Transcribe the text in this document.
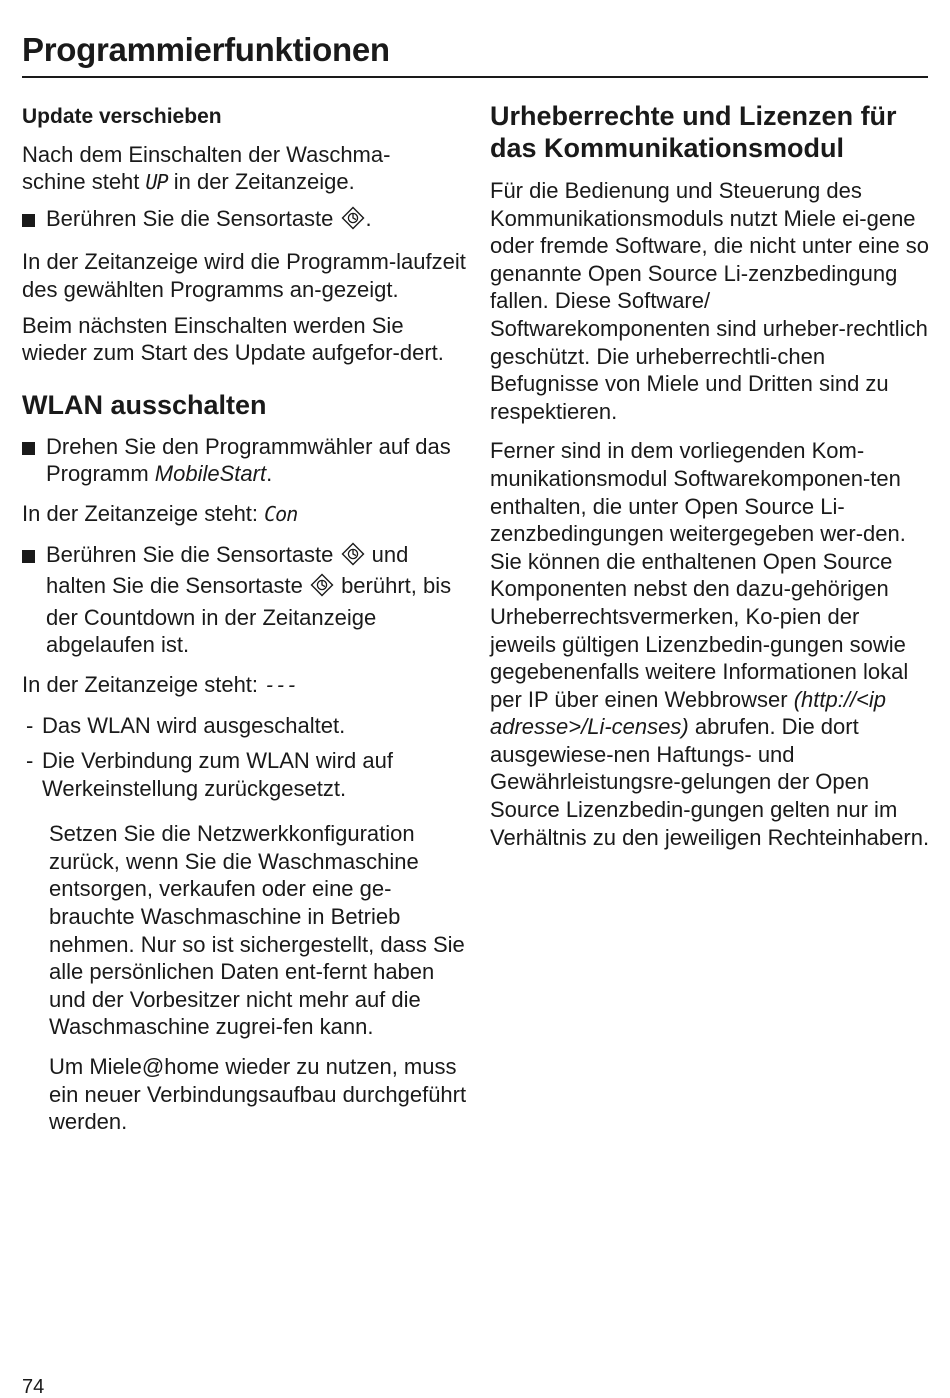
Programmierfunktionen

Update verschieben

Nach dem Einschalten der Waschma-
schine steht UP in der Zeitanzeige.

Berühren Sie die Sensortaste .

In der Zeitanzeige wird die Programm-laufzeit des gewählten Programms an-gezeigt.

Beim nächsten Einschalten werden Sie wieder zum Start des Update aufgefor-dert.

WLAN ausschalten
Drehen Sie den Programmwähler auf das Programm MobileStart.

In der Zeitanzeige steht: Con

Berühren Sie die Sensortaste  und halten Sie die Sensortaste  berührt, bis der Countdown in der Zeitanzeige abgelaufen ist.

In der Zeitanzeige steht: ---

- Das WLAN wird ausgeschaltet.
- Die Verbindung zum WLAN wird auf Werkeinstellung zurückgesetzt.

Setzen Sie die Netzwerkkonfiguration zurück, wenn Sie die Waschmaschine entsorgen, verkaufen oder eine ge-brauchte Waschmaschine in Betrieb nehmen. Nur so ist sichergestellt, dass Sie alle persönlichen Daten ent-fernt haben und der Vorbesitzer nicht mehr auf die Waschmaschine zugrei-fen kann.

Um Miele@home wieder zu nutzen, muss ein neuer Verbindungsaufbau durchgeführt werden.

Urheberrechte und Lizenzen für das Kommunikationsmodul

Für die Bedienung und Steuerung des Kommunikationsmoduls nutzt Miele ei-gene oder fremde Software, die nicht unter eine so genannte Open Source Li-zenzbedingung fallen. Diese Software/ Softwarekomponenten sind urheber-rechtlich geschützt. Die urheberrechtli-chen Befugnisse von Miele und Dritten sind zu respektieren.

Ferner sind in dem vorliegenden Kom-munikationsmodul Softwarekomponen-ten enthalten, die unter Open Source Li-zenzbedingungen weitergegeben wer-den. Sie können die enthaltenen Open Source Komponenten nebst den dazu-gehörigen Urheberrechtsvermerken, Ko-pien der jeweils gültigen Lizenzbedin-gungen sowie gegebenenfalls weitere Informationen lokal per IP über einen Webbrowser (http://<ip adresse>/Li-censes) abrufen. Die dort ausgewiese-nen Haftungs- und Gewährleistungsre-gelungen der Open Source Lizenzbedin-gungen gelten nur im Verhältnis zu den jeweiligen Rechteinhabern.

74
